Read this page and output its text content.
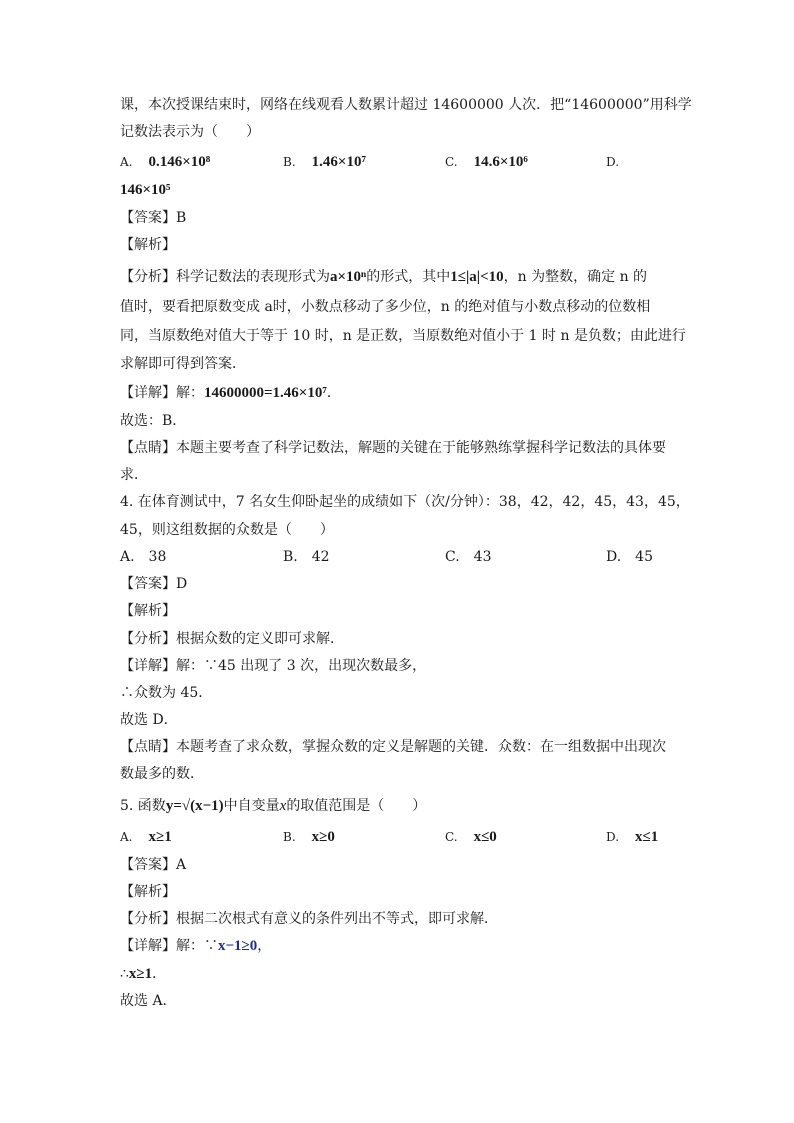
课，本次授课结束时，网络在线观看人数累计超过 14600000 人次．把“14600000”用科学
记数法表示为（　　）
A. 0.146×10⁸	B. 1.46×10⁷	C. 14.6×10⁶	D.
146×10⁵
【答案】B
【解析】
【分析】科学记数法的表现形式为a×10ⁿ的形式，其中1≤|a|<10，n 为整数，确定 n 的
值时，要看把原数变成 a时，小数点移动了多少位，n 的绝对值与小数点移动的位数相
同，当原数绝对值大于等于 10 时，n 是正数，当原数绝对值小于 1 时 n 是负数；由此进行
求解即可得到答案．
【详解】解：14600000=1.46×10⁷．
故选：B．
【点睛】本题主要考查了科学记数法，解题的关键在于能够熟练掌握科学记数法的具体要
求．
4. 在体育测试中，7 名女生仰卧起坐的成绩如下（次/分钟）：38，42，42，45，43，45，
45，则这组数据的众数是（　　）
A.　38	B.　42	C.　43	D.　45
【答案】D
【解析】
【分析】根据众数的定义即可求解．
【详解】解：∵45 出现了 3 次，出现次数最多，
∴众数为 45．
故选 D．
【点睛】本题考查了求众数，掌握众数的定义是解题的关键．众数：在一组数据中出现次
数最多的数．
5. 函数y=√(x−1)中自变量x的取值范围是（　　）
A. x≥1	B. x≥0	C. x≤0	D. x≤1
【答案】A
【解析】
【分析】根据二次根式有意义的条件列出不等式，即可求解．
【详解】解：∵x−1≥0，
∴x≥1．
故选 A．
